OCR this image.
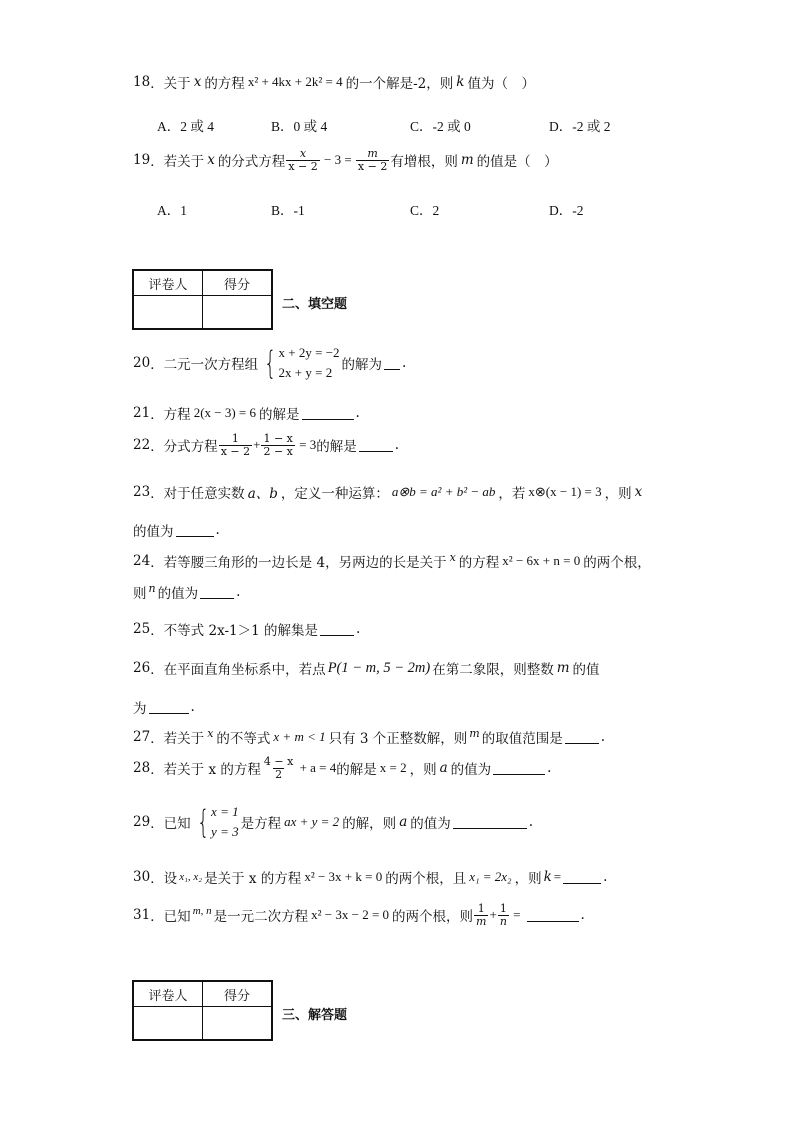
18 ．关于 x 的方程 x² + 4kx + 2k² = 4 的一个解是-2，则 k 值为（　）
A．2 或 4	B．0 或 4	C．-2 或 0	D．-2 或 2
19 ．若关于 x 的分式方程 $\frac{x}{x - 2} - 3 = \frac{m}{x - 2}$ 有增根，则 m 的值是（　）
A．1	B．-1	C．2	D．-2
评卷人	得分

二、填空题
20 ．二元一次方程组 { x + 2y = −2
2x + y = 2 的解为 .
21 ．方程 2(x − 3) = 6 的解是	.
22 ．分式方程 $\frac{1}{x - 2} + \frac{1 - x}{2 - x} = 3$ 的解是	.
23 ．对于任意实数 a、b ，定义一种运算： a⊗b = a² + b² − ab ，若 x⊗(x − 1) = 3 ，则 x
的值为	.
24 ．若等腰三角形的一边长是 4，另两边的长是关于 x 的方程 x² − 6x + n = 0 的两个根，
则 n 的值为	.
25 ．不等式 2x-1＞1 的解集是	.
26 ．在平面直角坐标系中，若点 P(1 − m, 5 − 2m) 在第二象限，则整数 m 的值
为	.
27 ．若关于 x 的不等式 x + m < 1 只有 3 个正整数解，则 m 的取值范围是	.
28 ．若关于 x 的方程 $\frac{4 - x}{2} + a = 4$ 的解是 x = 2 ，则 a 的值为	.
29 ．已知 { x = 1
y = 3 是方程 ax + y = 2 的解，则 a 的值为	.
30 ．设 x₁, x₂ 是关于 x 的方程 x² − 3x + k = 0 的两个根，且 x₁ = 2x₂ ，则 k =	.
31 ．已知 m, n 是一元二次方程 x² − 3x − 2 = 0 的两个根，则 $\frac{1}{m} + \frac{1}{n}$ =	.
评卷人	得分

三、解答题
